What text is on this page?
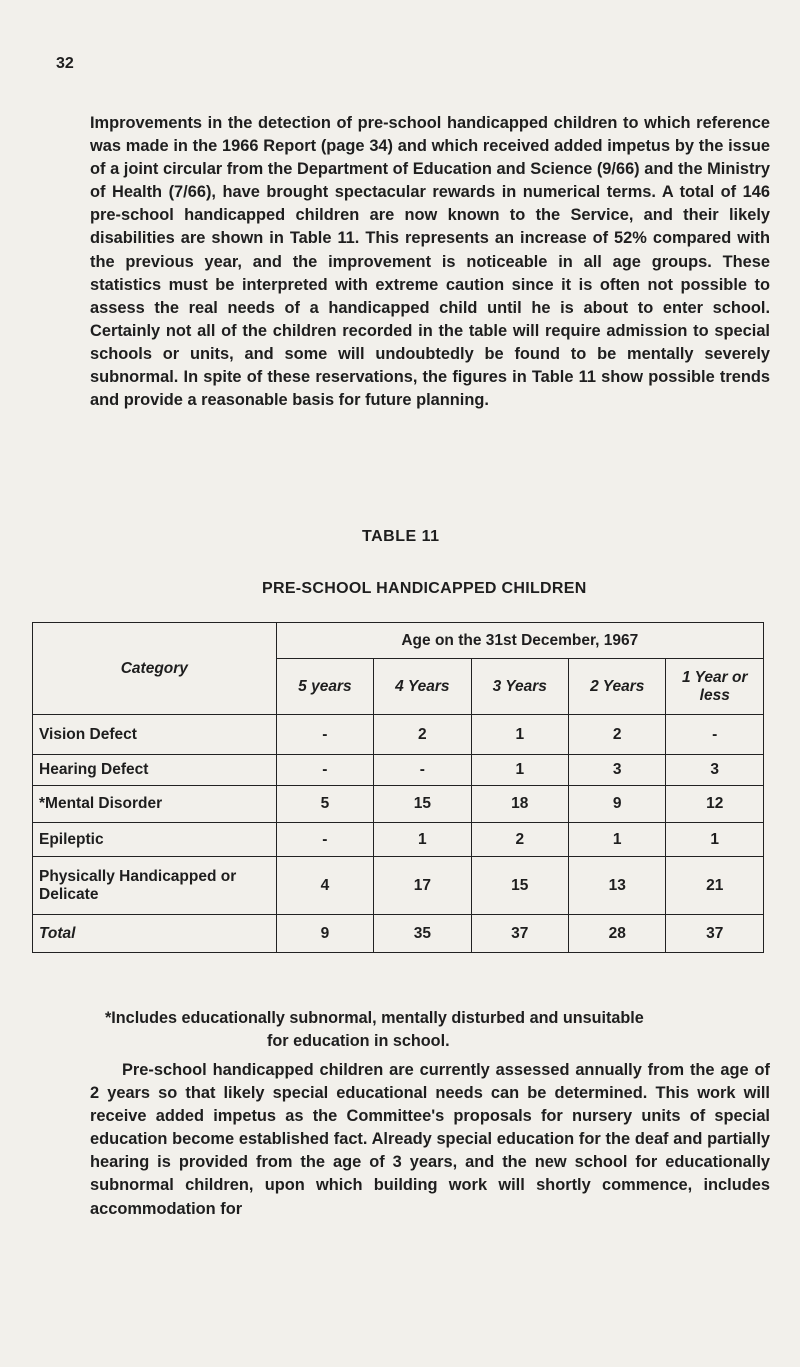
32

Improvements in the detection of pre-school handicapped children to which reference was made in the 1966 Report (page 34) and which received added impetus by the issue of a joint circular from the Department of Education and Science (9/66) and the Ministry of Health (7/66), have brought spectacular rewards in numerical terms. A total of 146 pre-school handicapped children are now known to the Service, and their likely disabilities are shown in Table 11. This represents an increase of 52% compared with the previous year, and the improvement is noticeable in all age groups. These statistics must be interpreted with extreme caution since it is often not possible to assess the real needs of a handicapped child until he is about to enter school. Certainly not all of the children recorded in the table will require admission to special schools or units, and some will undoubtedly be found to be mentally severely subnormal. In spite of these reservations, the figures in Table 11 show possible trends and provide a reasonable basis for future planning.

TABLE 11
PRE-SCHOOL HANDICAPPED CHILDREN
Category	Age on the 31st December, 1967				
	5 years	4 Years	3 Years	2 Years	1 Year or less
Vision Defect	-	2	1	2	-
Hearing Defect	-	-	1	3	3
*Mental Disorder	5	15	18	9	12
Epileptic	-	1	2	1	1
Physically Handicapped or Delicate	4	17	15	13	21
Total	9	35	37	28	37

*Includes educationally subnormal, mentally disturbed and unsuitable
for education in school.

Pre-school handicapped children are currently assessed annually from the age of 2 years so that likely special educational needs can be determined. This work will receive added impetus as the Committee's proposals for nursery units of special education become established fact. Already special education for the deaf and partially hearing is provided from the age of 3 years, and the new school for educationally subnormal children, upon which building work will shortly commence, includes accommodation for
